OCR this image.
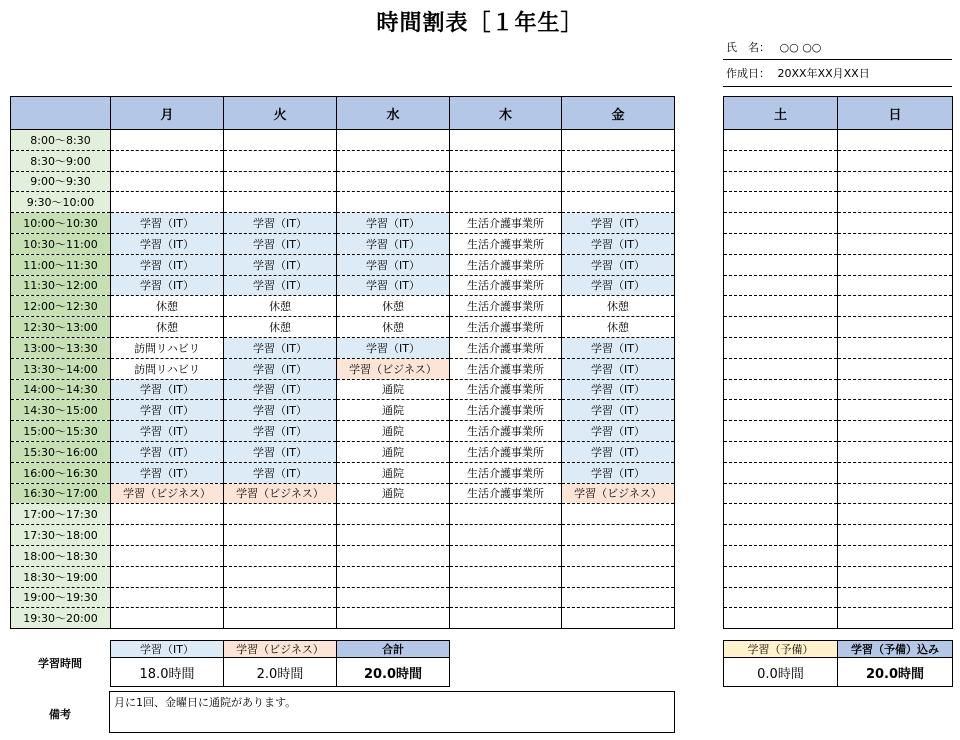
時間割表［１年生］
氏　名： ○○ ○○
作成日： 20XX年XX月XX日
	月	火	水	木	金
8:00～8:30					
8:30～9:00					
9:00～9:30					
9:30～10:00					
10:00～10:30	学習（IT）	学習（IT）	学習（IT）	生活介護事業所	学習（IT）
10:30～11:00	学習（IT）	学習（IT）	学習（IT）	生活介護事業所	学習（IT）
11:00～11:30	学習（IT）	学習（IT）	学習（IT）	生活介護事業所	学習（IT）
11:30～12:00	学習（IT）	学習（IT）	学習（IT）	生活介護事業所	学習（IT）
12:00～12:30	休憩	休憩	休憩	生活介護事業所	休憩
12:30～13:00	休憩	休憩	休憩	生活介護事業所	休憩
13:00～13:30	訪問リハビリ	学習（IT）	学習（IT）	生活介護事業所	学習（IT）
13:30～14:00	訪問リハビリ	学習（IT）	学習（ビジネス）	生活介護事業所	学習（IT）
14:00～14:30	学習（IT）	学習（IT）	通院	生活介護事業所	学習（IT）
14:30～15:00	学習（IT）	学習（IT）	通院	生活介護事業所	学習（IT）
15:00～15:30	学習（IT）	学習（IT）	通院	生活介護事業所	学習（IT）
15:30～16:00	学習（IT）	学習（IT）	通院	生活介護事業所	学習（IT）
16:00～16:30	学習（IT）	学習（IT）	通院	生活介護事業所	学習（IT）
16:30～17:00	学習（ビジネス）	学習（ビジネス）	通院	生活介護事業所	学習（ビジネス）
17:00～17:30					
17:30～18:00					
18:00～18:30					
18:30～19:00					
19:00～19:30					
19:30～20:00					
土	日

学習時間
学習（IT）	学習（ビジネス）	合計
18.0時間	2.0時間	20.0時間
学習（予備）	学習（予備）込み
0.0時間	20.0時間
備考
月に1回、金曜日に通院があります。
